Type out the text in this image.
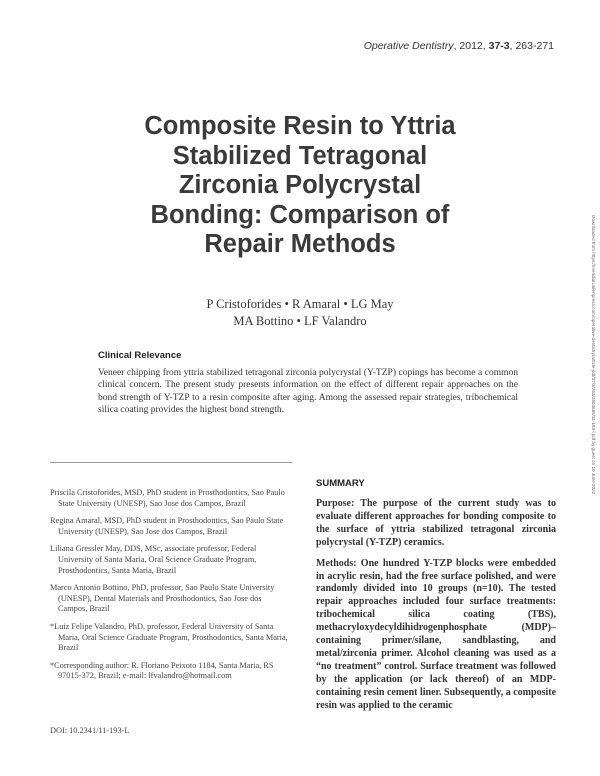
Operative Dentistry, 2012, 37-3, 263-271
Composite Resin to Yttria
Stabilized Tetragonal
Zirconia Polycrystal
Bonding: Comparison of
Repair Methods
P Cristoforides • R Amaral • LG May
MA Bottino • LF Valandro
Clinical Relevance

Veneer chipping from yttria stabilized tetragonal zirconia polycrystal (Y-TZP) copings has become a common clinical concern. The present study presents information on the effect of different repair approaches on the bond strength of Y-TZP to a resin composite after aging. Among the assessed repair strategies, tribochemical silica coating provides the highest bond strength.	Downloaded from https://meridian.allenpress.com/operative-dentistry/article-pdf/37/3/263/1804665/11-193-l.pdf by guest on 10 June 2022

Priscila Cristoforides, MSD, PhD student in Prosthodontics, Sao Paulo State University (UNESP), Sao Jose dos Campos, Brazil

Regina Amaral, MSD, PhD student in Prosthodontics, Sao Paulo State University (UNESP), Sao Jose dos Campos, Brazil

Liliana Gressler May, DDS, MSc, associate professor, Federal University of Santa Maria, Oral Science Graduate Program, Prosthodontics, Santa Maria, Brazil

Marco Antonio Bottino, PhD, professor, Sao Paulo State University (UNESP), Dental Materials and Prosthodontics, Sao Jose dos Campos, Brazil

*Luiz Felipe Valandro, PhD, professor, Federal University of Santa Maria, Oral Science Graduate Program, Prosthodontics, Santa Maria, Brazil

*Corresponding author: R. Floriano Peixoto 1184, Santa Maria, RS 97015-372, Brazil; e-mail: lfvalandro@hotmail.com

DOI: 10.2341/11-193-L
SUMMARY

Purpose: The purpose of the current study was to evaluate different approaches for bonding composite to the surface of yttria stabilized tetragonal zirconia polycrystal (Y-TZP) ceramics.

Methods: One hundred Y-TZP blocks were embedded in acrylic resin, had the free surface polished, and were randomly divided into 10 groups (n=10). The tested repair approaches included four surface treatments: tribochemical silica coating (TBS), methacryloxydecyldihidrogenphosphate (MDP)–containing primer/silane, sandblasting, and metal/zirconia primer. Alcohol cleaning was used as a “no treatment” control. Surface treatment was followed by the application (or lack thereof) of an MDP-containing resin cement liner. Subsequently, a composite resin was applied to the ceramic
